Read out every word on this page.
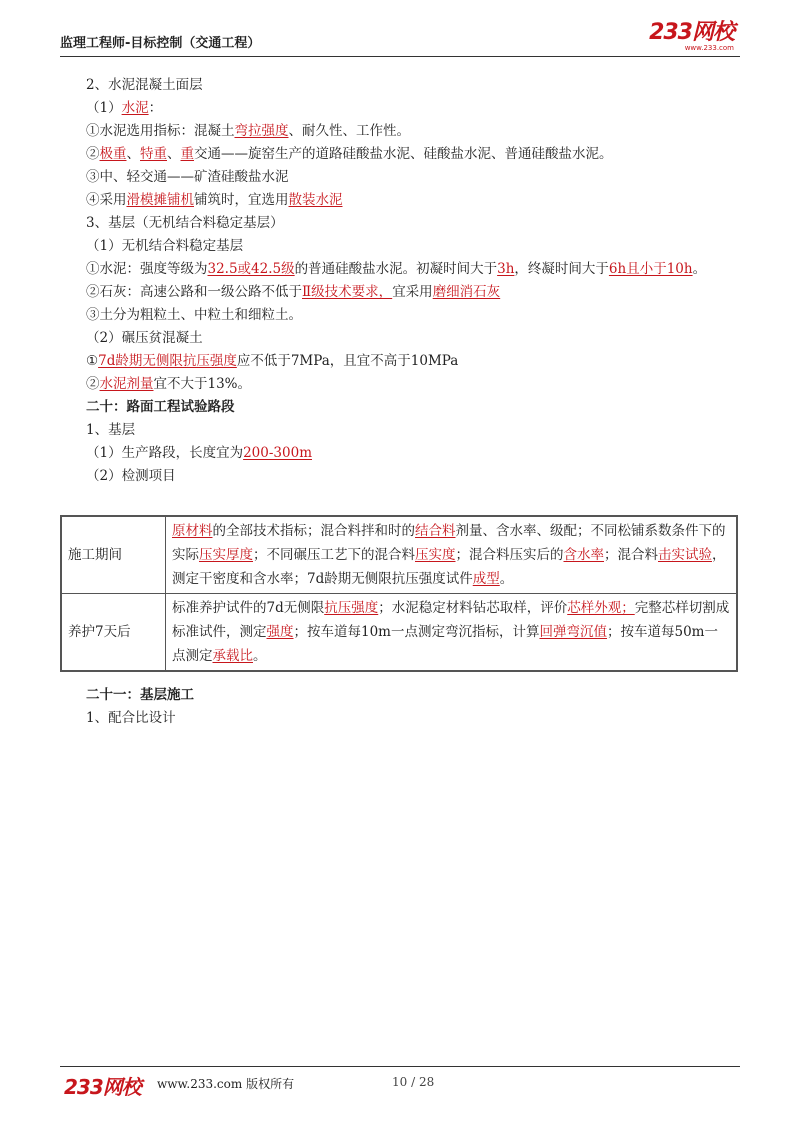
监理工程师-目标控制（交通工程）	233网校
www.233.com
2、水泥混凝土面层
（1）水泥：
①水泥选用指标：混凝土弯拉强度、耐久性、工作性。
②极重、特重、重交通——旋窑生产的道路硅酸盐水泥、硅酸盐水泥、普通硅酸盐水泥。
③中、轻交通——矿渣硅酸盐水泥
④采用滑模摊铺机铺筑时，宜选用散装水泥
3、基层（无机结合料稳定基层）
（1）无机结合料稳定基层
①水泥：强度等级为32.5或42.5级的普通硅酸盐水泥。初凝时间大于3h，终凝时间大于6h且小于10h。
②石灰：高速公路和一级公路不低于Ⅱ级技术要求，宜采用磨细消石灰
③土分为粗粒土、中粒土和细粒土。
（2）碾压贫混凝土
①7d龄期无侧限抗压强度应不低于7MPa，且宜不高于10MPa
②水泥剂量宜不大于13%。
二十：路面工程试验路段
1、基层
（1）生产路段，长度宜为200-300m
（2）检测项目
施工期间	原材料的全部技术指标；混合料拌和时的结合料剂量、含水率、级配；不同松铺系数条件下的实际压实厚度；不同碾压工艺下的混合料压实度；混合料压实后的含水率；混合料击实试验，测定干密度和含水率；7d龄期无侧限抗压强度试件成型。
养护7天后	标准养护试件的7d无侧限抗压强度；水泥稳定材料钻芯取样，评价芯样外观；完整芯样切割成标准试件，测定强度；按车道每10m一点测定弯沉指标，计算回弹弯沉值；按车道每50m一点测定承载比。
二十一：基层施工
1、配合比设计
233网校 www.233.com 版权所有	10 / 28
